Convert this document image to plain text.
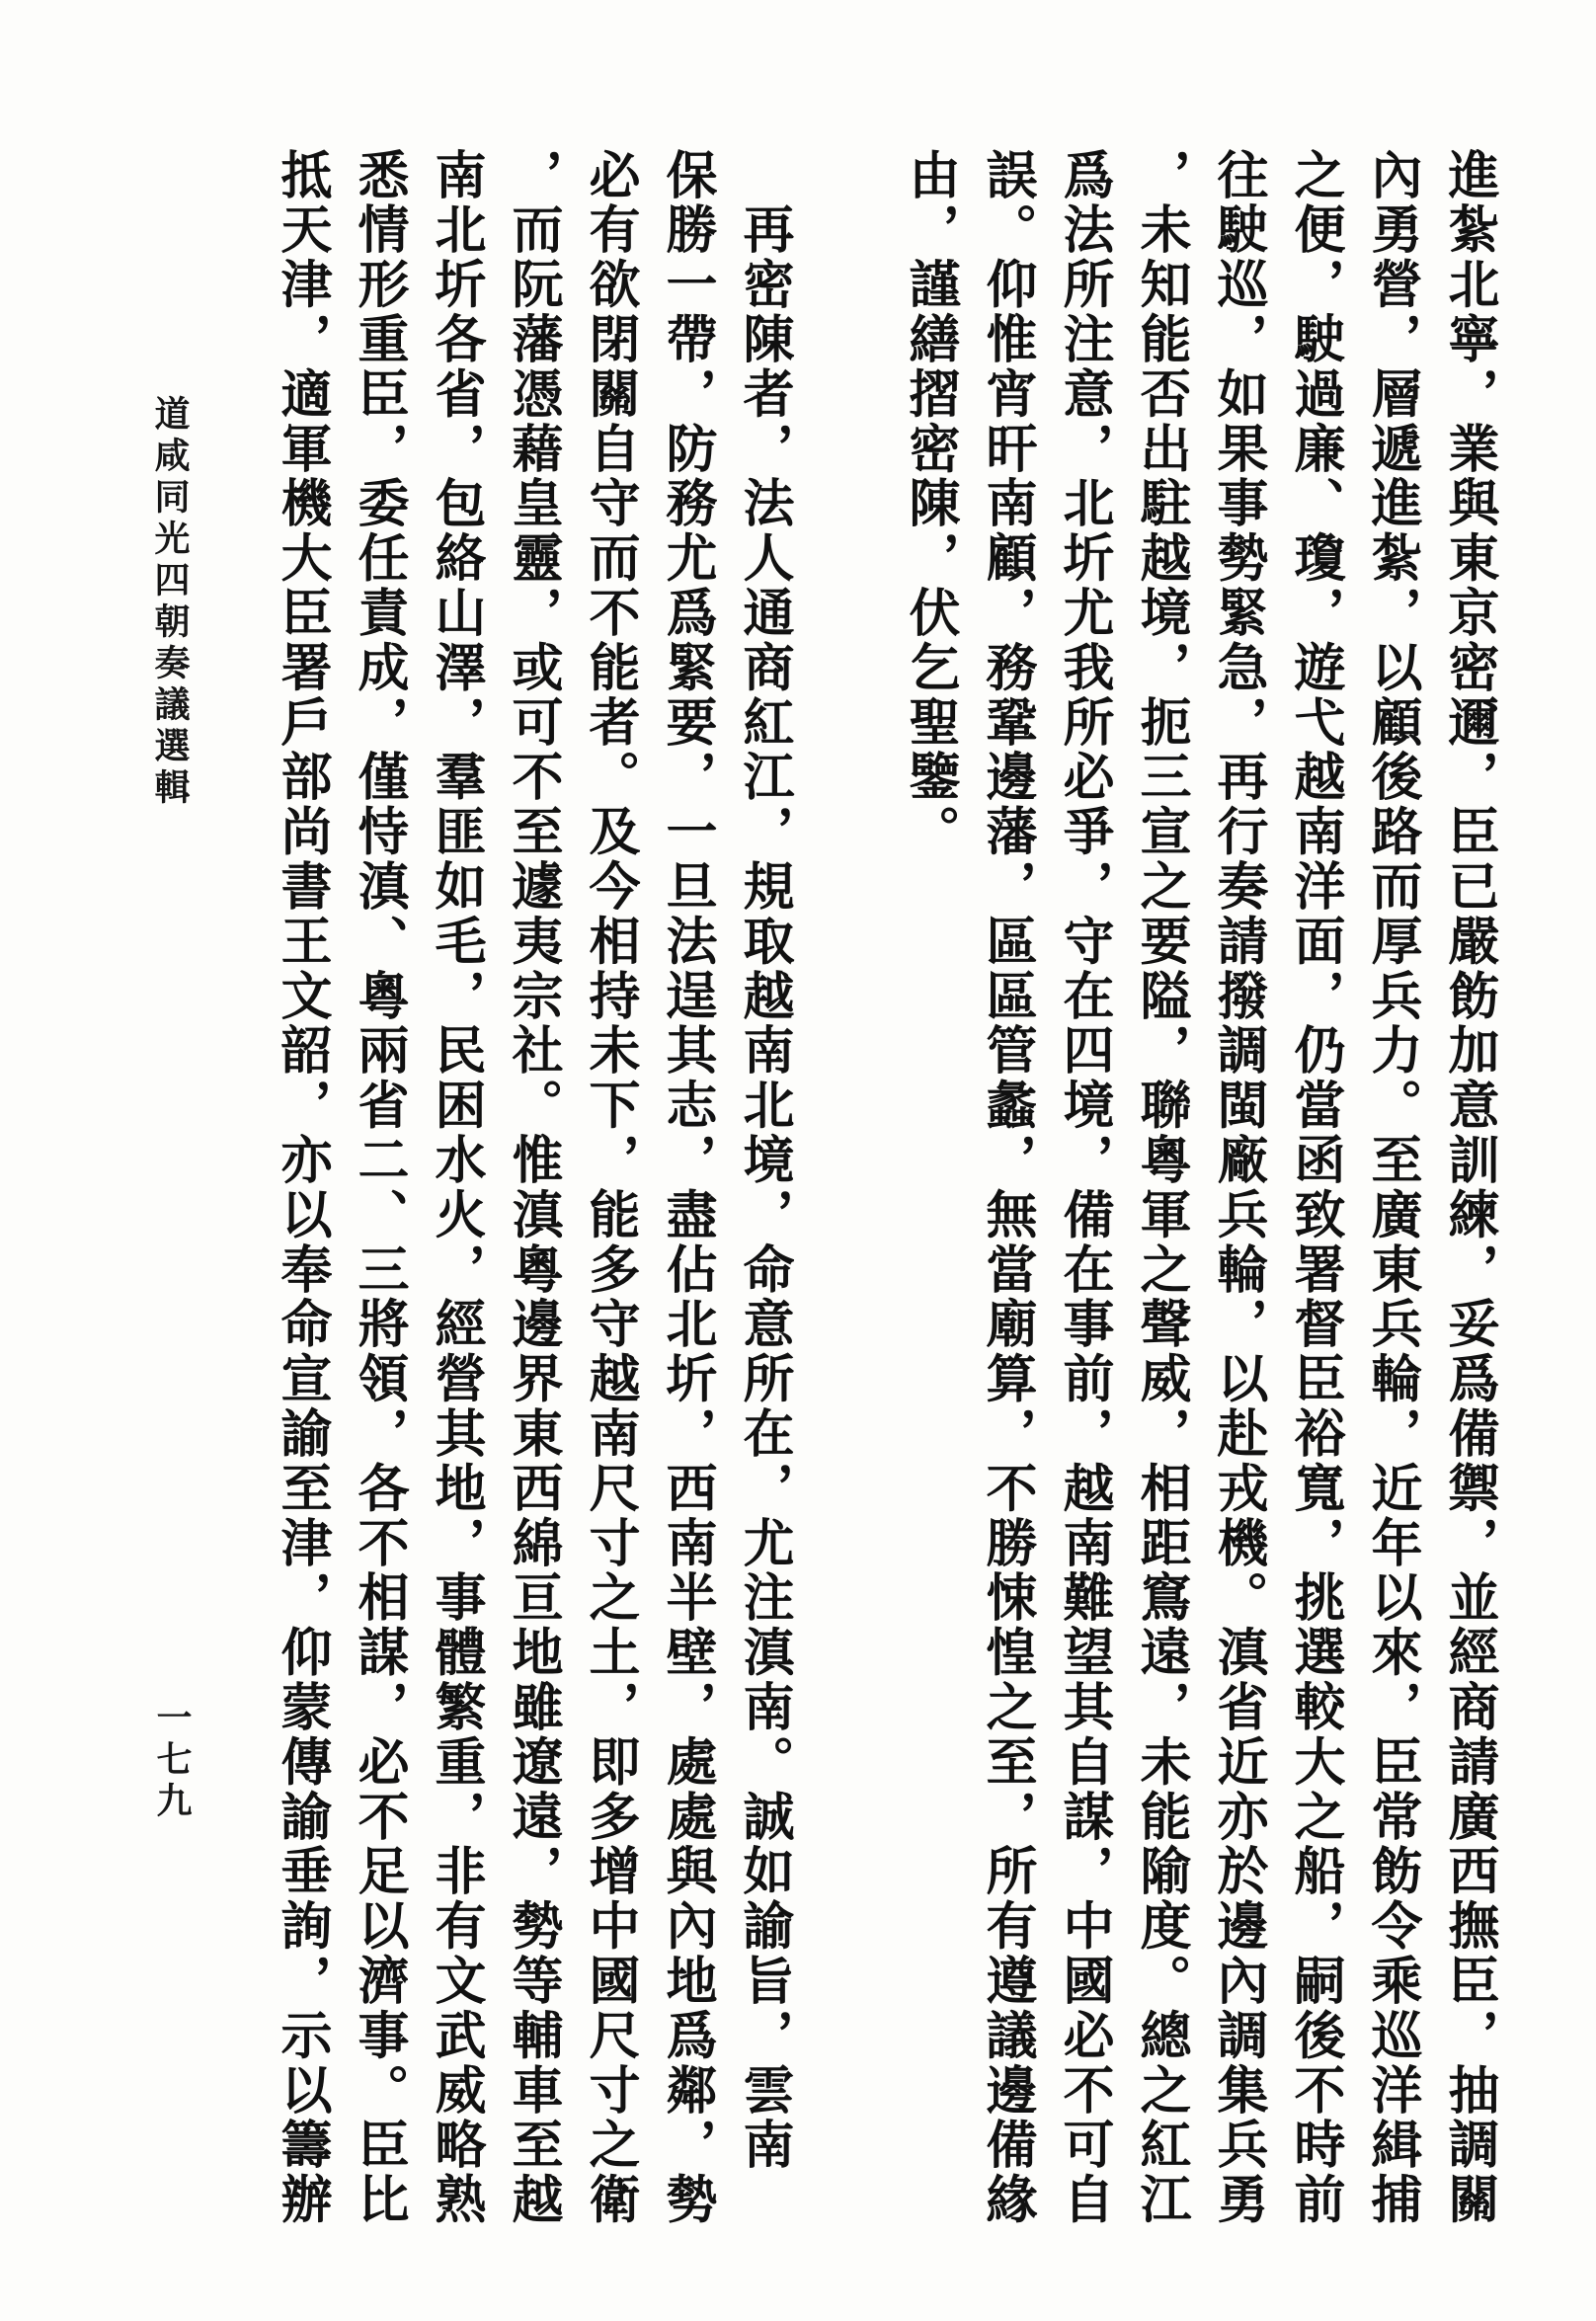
進紮北寧，業與東京密邇，臣已嚴飭加意訓練，妥爲備禦，並經商請廣西撫臣，抽調關
內勇營，層遞進紮，以顧後路而厚兵力。至廣東兵輪，近年以來，臣常飭令乘巡洋緝捕
之便，駛過廉、瓊，遊弋越南洋面，仍當函致署督臣裕寬，挑選較大之船，嗣後不時前
往駛巡，如果事勢緊急，再行奏請撥調閩廠兵輪，以赴戎機。滇省近亦於邊內調集兵勇
，未知能否出駐越境，扼三宣之要隘，聯粵軍之聲威，相距窵遠，未能隃度。總之紅江
爲法所注意，北圻尤我所必爭，守在四境，備在事前，越南難望其自謀，中國必不可自
誤。仰惟宵旰南顧，務鞏邊藩，區區管蠡，無當廟算，不勝悚惶之至，所有遵議邊備緣
由，謹繕摺密陳，伏乞聖鑒。
　再密陳者，法人通商紅江，規取越南北境，命意所在，尤注滇南。誠如諭旨，雲南
保勝一帶，防務尤爲緊要，一旦法逞其志，盡佔北圻，西南半壁，處處與內地爲鄰，勢
必有欲閉關自守而不能者。及今相持未下，能多守越南尺寸之土，即多增中國尺寸之衛
，而阮藩憑藉皇靈，或可不至遽夷宗社。惟滇粵邊界東西綿亘地雖遼遠，勢等輔車至越
南北圻各省，包絡山澤，羣匪如毛，民困水火，經營其地，事體繁重，非有文武威略熟
悉情形重臣，委任責成，僅恃滇、粵兩省二、三將領，各不相謀，必不足以濟事。臣比
抵天津，適軍機大臣署戶部尚書王文韶，亦以奉命宣諭至津，仰蒙傳諭垂詢，示以籌辦
道咸同光四朝奏議選輯
一七九
